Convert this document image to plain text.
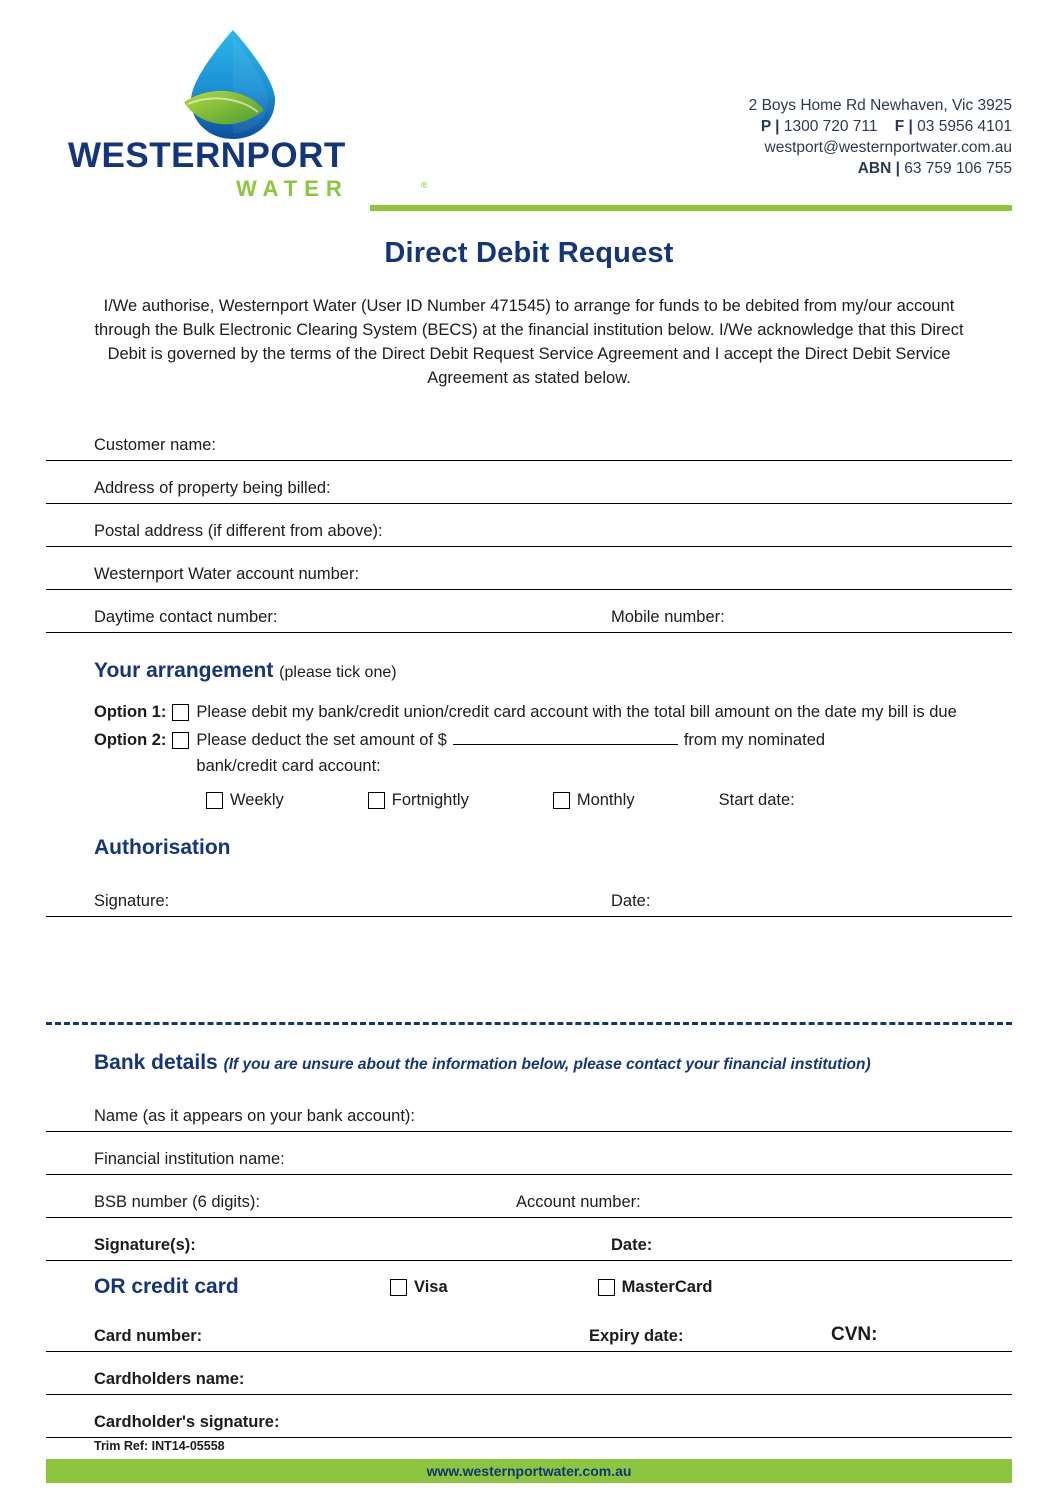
WESTERNPORT
WATER	®
2 Boys Home Rd Newhaven, Vic 3925
P | 1300 720 711 F | 03 5956 4101
westport@westernportwater.com.au
ABN | 63 759 106 755
Direct Debit Request
I/We authorise, Westernport Water (User ID Number 471545) to arrange for funds to be debited from my/our account through the Bulk Electronic Clearing System (BECS) at the financial institution below. I/We acknowledge that this Direct Debit is governed by the terms of the Direct Debit Request Service Agreement and I accept the Direct Debit Service Agreement as stated below.
Customer name:
Address of property being billed:
Postal address (if different from above):
Westernport Water account number:
Daytime contact number:	Mobile number:
Your arrangement (please tick one)
Option 1: Please debit my bank/credit union/credit card account with the total bill amount on the date my bill is due
Option 2: Please deduct the set amount of $	from my nominated
bank/credit card account:
Weekly	Fortnightly	Monthly	Start date:
Authorisation
Signature:	Date:
Bank details (If you are unsure about the information below, please contact your financial institution)
Name (as it appears on your bank account):
Financial institution name:
BSB number (6 digits):	Account number:
Signature(s):	Date:
OR credit card	Visa	MasterCard
Card number:	Expiry date:	CVN:
Cardholders name:
Cardholder's signature:
Trim Ref: INT14-05558
www.westernportwater.com.au
